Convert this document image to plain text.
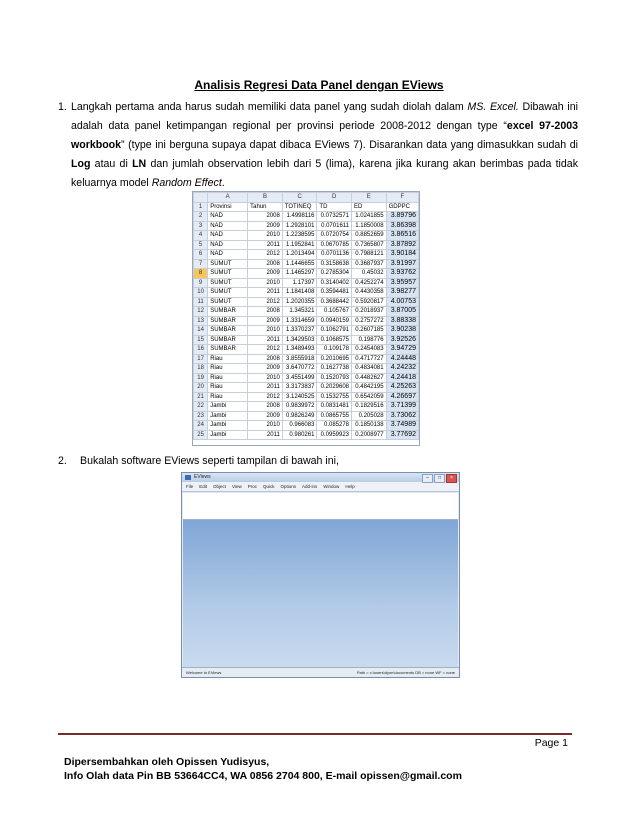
Analisis Regresi Data Panel dengan EViews
1. Langkah pertama anda harus sudah memiliki data panel yang sudah diolah dalam MS. Excel. Dibawah ini adalah data panel ketimpangan regional per provinsi periode 2008-2012 dengan type “excel 97-2003 workbook” (type ini berguna supaya dapat dibaca EViews 7). Disarankan data yang dimasukkan sudah di Log atau di LN dan jumlah observation lebih dari 5 (lima), karena jika kurang akan berimbas pada tidak keluarnya model Random Effect.
	A	B	C	D	E	F
1	Provinsi	Tahun	TOTINEQ	TD	ED	GDPPC
2	NAD	2008	1.4998116	0.0732571	1.0241855	3.89796
3	NAD	2009	1.2928101	0.0701611	1.1850008	3.86398
4	NAD	2010	1.2238595	0.0720754	0.8852659	3.86516
5	NAD	2011	1.1952841	0.0670785	0.7365807	3.87892
6	NAD	2012	1.2013494	0.0701136	0.7988121	3.90184
7	SUMUT	2008	1.1446655	0.3158638	0.3687937	3.91997
8	SUMUT	2009	1.1465297	0.2785304	0.45032	3.93762
9	SUMUT	2010	1.17397	0.3140402	0.4252274	3.95957
10	SUMUT	2011	1.1841408	0.3594481	0.4430358	3.98277
11	SUMUT	2012	1.2020355	0.3688442	0.5920817	4.00753
12	SUMBAR	2008	1.345321	0.105767	0.2018937	3.87005
13	SUMBAR	2009	1.3314659	0.0940159	0.2757272	3.88338
14	SUMBAR	2010	1.3370237	0.1062791	0.2607185	3.90238
15	SUMBAR	2011	1.3429503	0.1068575	0.198776	3.92526
16	SUMBAR	2012	1.3489493	0.109178	0.2454083	3.94729
17	Riau	2008	3.8555918	0.2010695	0.4717727	4.24448
18	Riau	2009	3.6470772	0.1627738	0.4834081	4.24232
19	Riau	2010	3.4551499	0.1520793	0.4482627	4.24418
20	Riau	2011	3.3173837	0.2029608	0.4842195	4.25263
21	Riau	2012	3.1240525	0.1532755	0.6542059	4.26697
22	Jambi	2008	0.9839972	0.0831481	0.1829516	3.71399
23	Jambi	2009	0.9826249	0.0865755	0.205028	3.73062
24	Jambi	2010	0.966083	0.085278	0.1850138	3.74989
25	Jambi	2011	0.980261	0.0959923	0.2008977	3.77692
2. Bukalah software EViews seperti tampilan di bawah ini,
EViews	–	□	×
File Edit Object View Proc Quick Options Add-ins Window Help
Welcome to EViews	Path = c:\users\dyon\documents DB = none WF = none
Page 1
Dipersembahkan oleh Opissen Yudisyus,
Info Olah data Pin BB 53664CC4, WA 0856 2704 800, E-mail opissen@gmail.com
